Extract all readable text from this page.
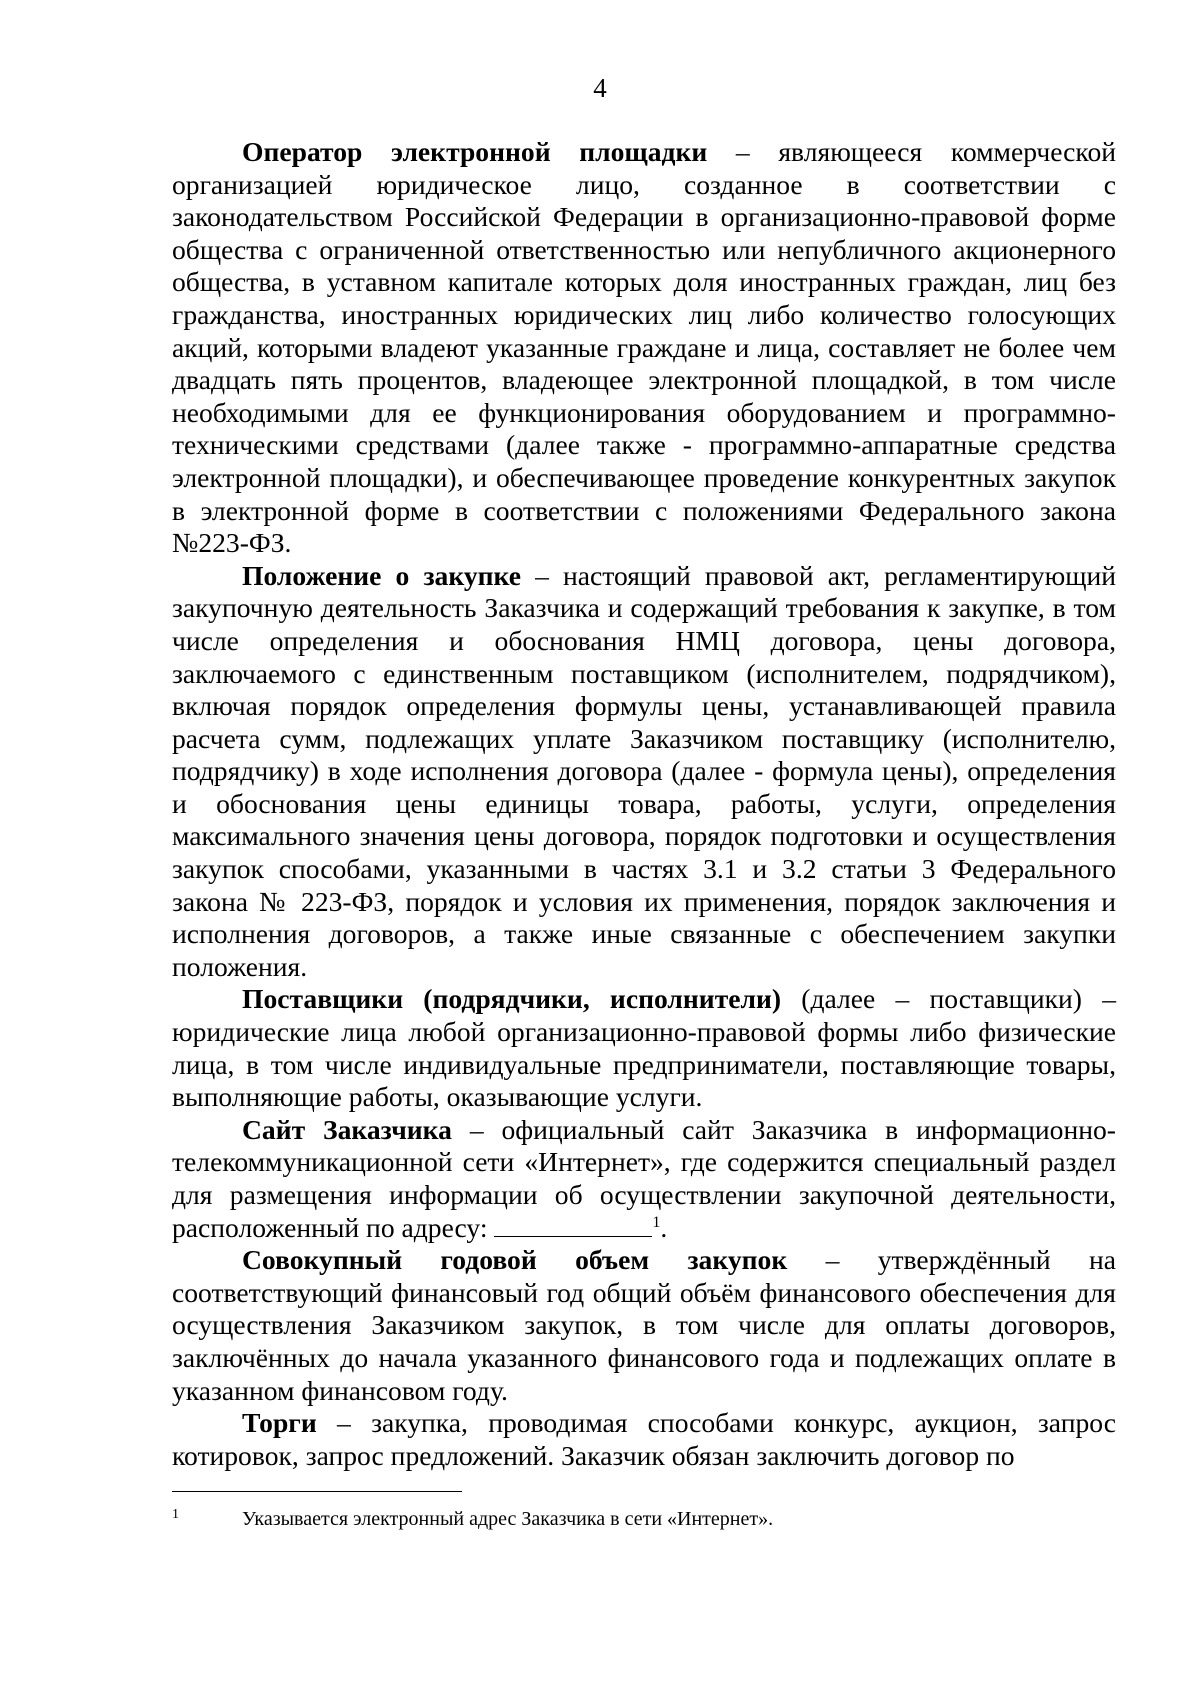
4

Оператор электронной площадки – являющееся коммерческой организацией юридическое лицо, созданное в соответствии с законодательством Российской Федерации в организационно-правовой форме общества с ограниченной ответственностью или непубличного акционерного общества, в уставном капитале которых доля иностранных граждан, лиц без гражданства, иностранных юридических лиц либо количество голосующих акций, которыми владеют указанные граждане и лица, составляет не более чем двадцать пять процентов, владеющее электронной площадкой, в том числе необходимыми для ее функционирования оборудованием и программно-техническими средствами (далее также - программно-аппаратные средства электронной площадки), и обеспечивающее проведение конкурентных закупок в электронной форме в соответствии с положениями Федерального закона №223-ФЗ.

Положение о закупке – настоящий правовой акт, регламентирующий закупочную деятельность Заказчика и содержащий требования к закупке, в том числе определения и обоснования НМЦ договора, цены договора, заключаемого с единственным поставщиком (исполнителем, подрядчиком), включая порядок определения формулы цены, устанавливающей правила расчета сумм, подлежащих уплате Заказчиком поставщику (исполнителю, подрядчику) в ходе исполнения договора (далее - формула цены), определения и обоснования цены единицы товара, работы, услуги, определения максимального значения цены договора, порядок подготовки и осуществления закупок способами, указанными в частях 3.1 и 3.2 статьи 3 Федерального закона № 223-ФЗ, порядок и условия их применения, порядок заключения и исполнения договоров, а также иные связанные с обеспечением закупки положения.

Поставщики (подрядчики, исполнители) (далее – поставщики) – юридические лица любой организационно-правовой формы либо физические лица, в том числе индивидуальные предприниматели, поставляющие товары, выполняющие работы, оказывающие услуги.

Сайт Заказчика – официальный сайт Заказчика в информационно-телекоммуникационной сети «Интернет», где содержится специальный раздел для размещения информации об осуществлении закупочной деятельности, расположенный по адресу:	$^1$.

Совокупный годовой объем закупок – утверждённый на соответствующий финансовый год общий объём финансового обеспечения для осуществления Заказчиком закупок, в том числе для оплаты договоров, заключённых до начала указанного финансового года и подлежащих оплате в указанном финансовом году.

Торги – закупка, проводимая способами конкурс, аукцион, запрос котировок, запрос предложений. Заказчик обязан заключить договор по

1	Указывается электронный адрес Заказчика в сети «Интернет».
